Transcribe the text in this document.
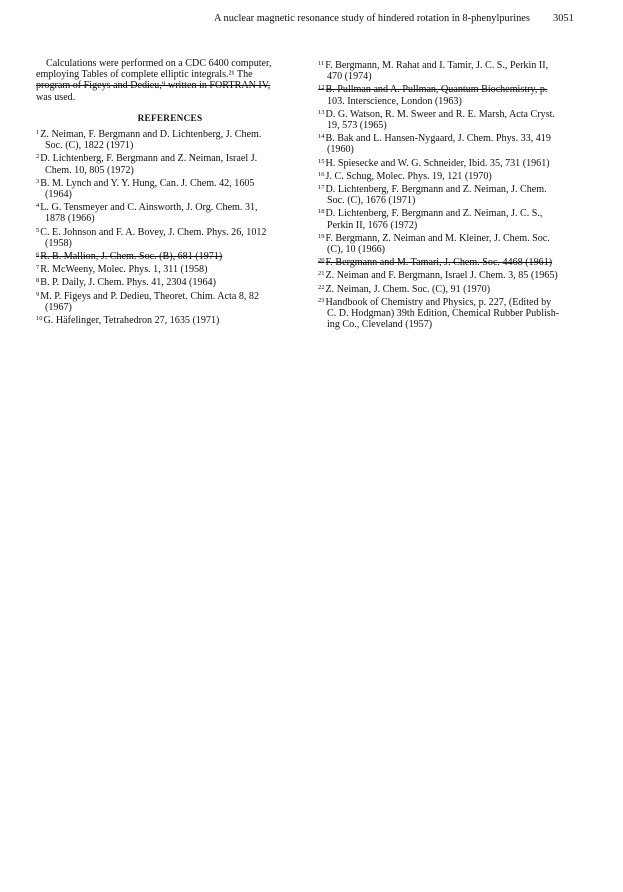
A nuclear magnetic resonance study of hindered rotation in 8-phenylpurines 3051
Calculations were performed on a CDC 6400 computer,
employing Tables of complete elliptic integrals.²¹ The
program of Figeys and Dedieu,⁹ written in FORTRAN IV,
was used.
REFERENCES
$^1$Z. Neiman, F. Bergmann and D. Lichtenberg, J. Chem.
Soc. (C), 1822 (1971)
$^2$D. Lichtenberg, F. Bergmann and Z. Neiman, Israel J.
Chem. 10, 805 (1972)
$^3$B. M. Lynch and Y. Y. Hung, Can. J. Chem. 42, 1605
(1964)
$^4$L. G. Tensmeyer and C. Ainsworth, J. Org. Chem. 31,
1878 (1966)
$^5$C. E. Johnson and F. A. Bovey, J. Chem. Phys. 26, 1012
(1958)
$^6$R. B. Mallion, J. Chem. Soc. (B), 681 (1971)
$^7$R. McWeeny, Molec. Phys. 1, 311 (1958)
$^8$B. P. Daily, J. Chem. Phys. 41, 2304 (1964)
$^9$M. P. Figeys and P. Dedieu, Theoret. Chim. Acta 8, 82
(1967)
$^{10}$G. Häfelinger, Tetrahedron 27, 1635 (1971)
$^{11}$F. Bergmann, M. Rahat and I. Tamir, J. C. S., Perkin II,
470 (1974)
$^{12}$B. Pullman and A. Pullman, Quantum Biochemistry, p.
103. Interscience, London (1963)
$^{13}$D. G. Watson, R. M. Sweer and R. E. Marsh, Acta Cryst.
19, 573 (1965)
$^{14}$B. Bak and L. Hansen-Nygaard, J. Chem. Phys. 33, 419
(1960)
$^{15}$H. Spiesecke and W. G. Schneider, Ibid. 35, 731 (1961)
$^{16}$J. C. Schug, Molec. Phys. 19, 121 (1970)
$^{17}$D. Lichtenberg, F. Bergmann and Z. Neiman, J. Chem.
Soc. (C), 1676 (1971)
$^{18}$D. Lichtenberg, F. Bergmann and Z. Neiman, J. C. S.,
Perkin II, 1676 (1972)
$^{19}$F. Bergmann, Z. Neiman and M. Kleiner, J. Chem. Soc.
(C), 10 (1966)
$^{20}$F. Bergmann and M. Tamari, J. Chem. Soc. 4468 (1961)
$^{21}$Z. Neiman and F. Bergmann, Israel J. Chem. 3, 85 (1965)
$^{22}$Z. Neiman, J. Chem. Soc. (C), 91 (1970)
$^{23}$Handbook of Chemistry and Physics, p. 227, (Edited by
C. D. Hodgman) 39th Edition, Chemical Rubber Publish-
ing Co., Cleveland (1957)
